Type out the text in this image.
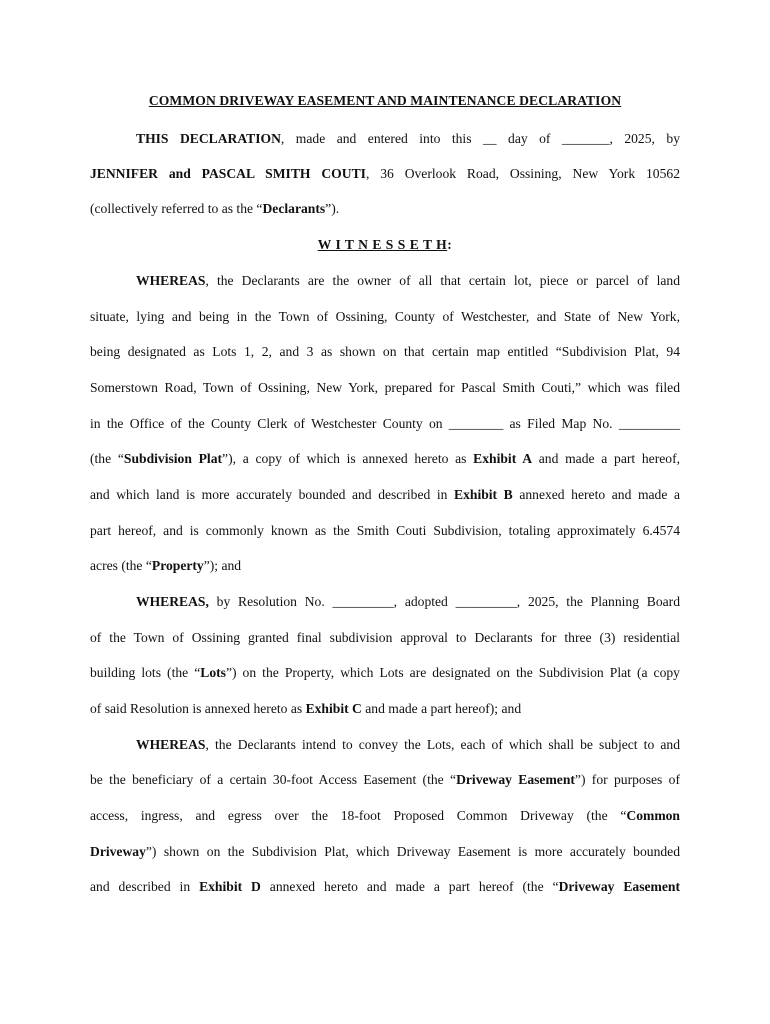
COMMON DRIVEWAY EASEMENT AND MAINTENANCE DECLARATION
THIS DECLARATION, made and entered into this __ day of _______, 2025, by
JENNIFER and PASCAL SMITH COUTI, 36 Overlook Road, Ossining, New York 10562
(collectively referred to as the “Declarants”).
W I T N E S S E T H:
WHEREAS, the Declarants are the owner of all that certain lot, piece or parcel of land
situate, lying and being in the Town of Ossining, County of Westchester, and State of New York,
being designated as Lots 1, 2, and 3 as shown on that certain map entitled “Subdivision Plat, 94
Somerstown Road, Town of Ossining, New York, prepared for Pascal Smith Couti,” which was filed
in the Office of the County Clerk of Westchester County on ________ as Filed Map No. _________
(the “Subdivision Plat”), a copy of which is annexed hereto as Exhibit A and made a part hereof,
and which land is more accurately bounded and described in Exhibit B annexed hereto and made a
part hereof, and is commonly known as the Smith Couti Subdivision, totaling approximately 6.4574
acres (the “Property”); and
WHEREAS, by Resolution No. _________, adopted _________, 2025, the Planning Board
of the Town of Ossining granted final subdivision approval to Declarants for three (3) residential
building lots (the “Lots”) on the Property, which Lots are designated on the Subdivision Plat (a copy
of said Resolution is annexed hereto as Exhibit C and made a part hereof); and
WHEREAS, the Declarants intend to convey the Lots, each of which shall be subject to and
be the beneficiary of a certain 30-foot Access Easement (the “Driveway Easement”) for purposes of
access, ingress, and egress over the 18-foot Proposed Common Driveway (the “Common
Driveway”) shown on the Subdivision Plat, which Driveway Easement is more accurately bounded
and described in Exhibit D annexed hereto and made a part hereof (the “Driveway Easement
